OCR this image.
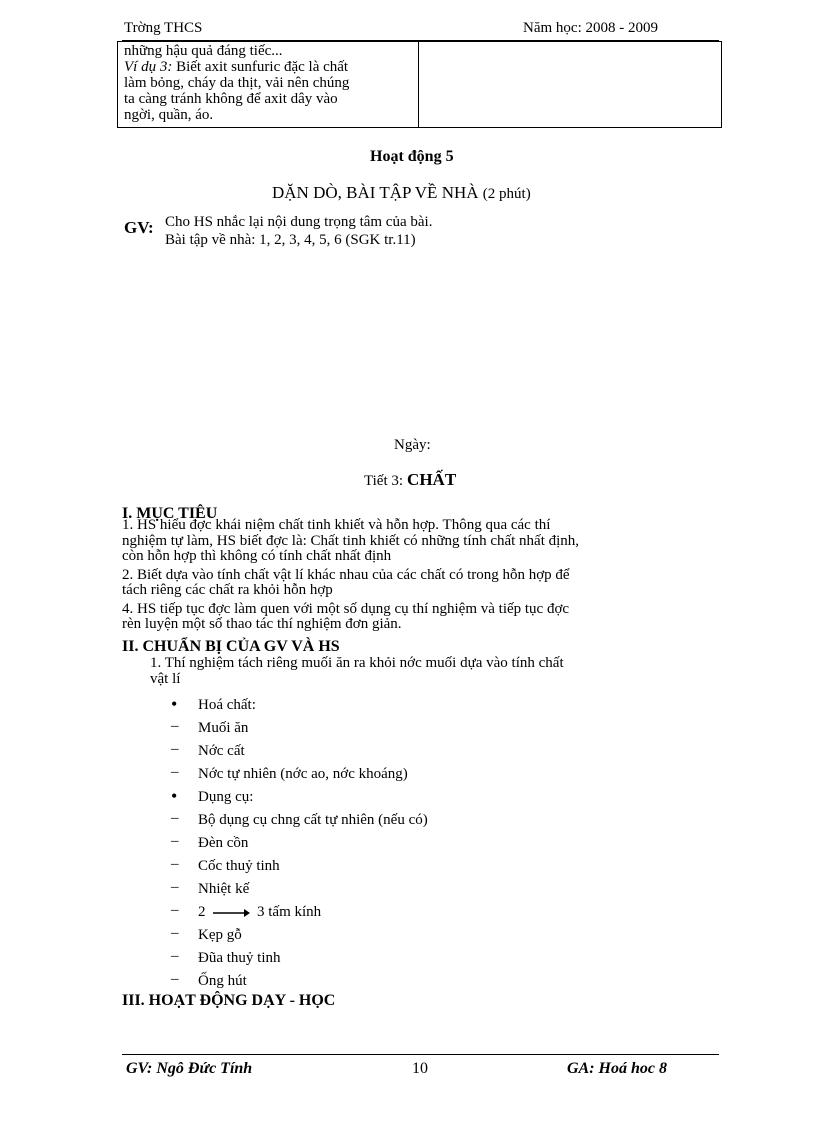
Trờng THCS	Năm học: 2008 - 2009
những hậu quả đáng tiếc...
Ví dụ 3: Biết axit sunfuric đặc là chất
làm bỏng, cháy da thịt, vải nên chúng
ta càng tránh không để axit dây vào
ngời, quần, áo.
Hoạt động 5
DẶN DÒ, BÀI TẬP VỀ NHÀ (2 phút)
GV: Cho HS nhắc lại nội dung trọng tâm của bài.
Bài tập về nhà: 1, 2, 3, 4, 5, 6 (SGK tr.11)
Ngày:
Tiết 3: CHẤT
I. MỤC TIÊU
1. HS hiểu đợc khái niệm chất tinh khiết và hỗn hợp. Thông qua các thí
nghiệm tự làm, HS biết đợc là: Chất tinh khiết có những tính chất nhất định,
còn hỗn hợp thì không có tính chất nhất định
2. Biết dựa vào tính chất vật lí khác nhau của các chất có trong hỗn hợp để
tách riêng các chất ra khỏi hỗn hợp
4. HS tiếp tục đợc làm quen với một số dụng cụ thí nghiệm và tiếp tục đợc
rèn luyện một số thao tác thí nghiệm đơn giản.
II. CHUẨN BỊ CỦA GV VÀ HS
1. Thí nghiệm tách riêng muối ăn ra khỏi nớc muối dựa vào tính chất
vật lí
• Hoá chất:
– Muối ăn
– Nớc cất
– Nớc tự nhiên (nớc ao, nớc khoáng)
• Dụng cụ:
– Bộ dụng cụ chng cất tự nhiên (nếu có)
– Đèn cồn
– Cốc thuỷ tinh
– Nhiệt kế
– 2	3 tấm kính
– Kẹp gỗ
– Đũa thuỷ tinh
– Ống hút
III. HOẠT ĐỘNG DẠY - HỌC
GV: Ngô Đức Tính	10	GA: Hoá hoc 8
